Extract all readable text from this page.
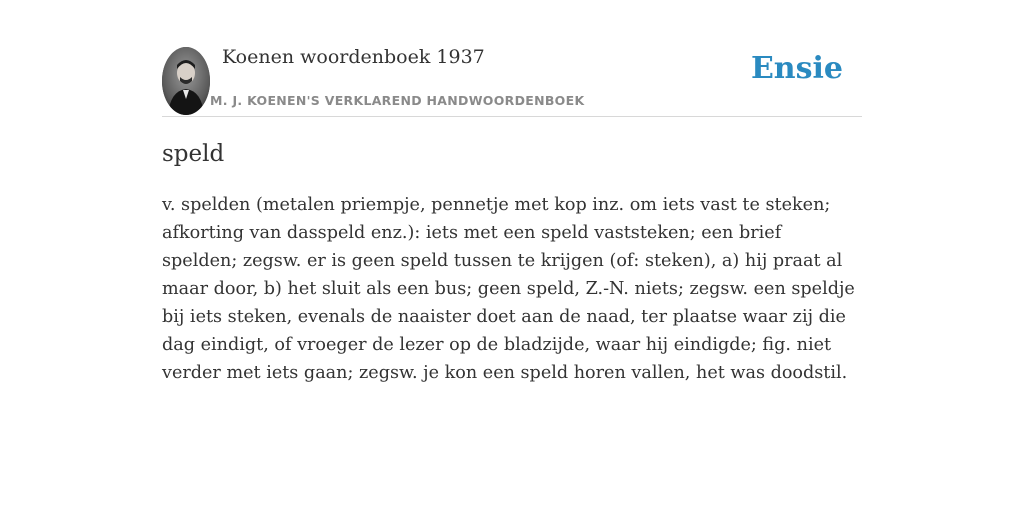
Koenen woordenboek 1937
M. J. KOENEN'S VERKLAREND HANDWOORDENBOEK
Ensie
speld

v. spelden (metalen priempje, pennetje met kop inz. om iets vast te steken; afkorting van dasspeld enz.): iets met een speld vaststeken; een brief spelden; zegsw. er is geen speld tussen te krijgen (of: steken), a) hij praat al maar door, b) het sluit als een bus; geen speld, Z.-N. niets; zegsw. een speldje bij iets steken, evenals de naaister doet aan de naad, ter plaatse waar zij die dag eindigt, of vroeger de lezer op de bladzijde, waar hij eindigde; fig. niet verder met iets gaan; zegsw. je kon een speld horen vallen, het was doodstil.
